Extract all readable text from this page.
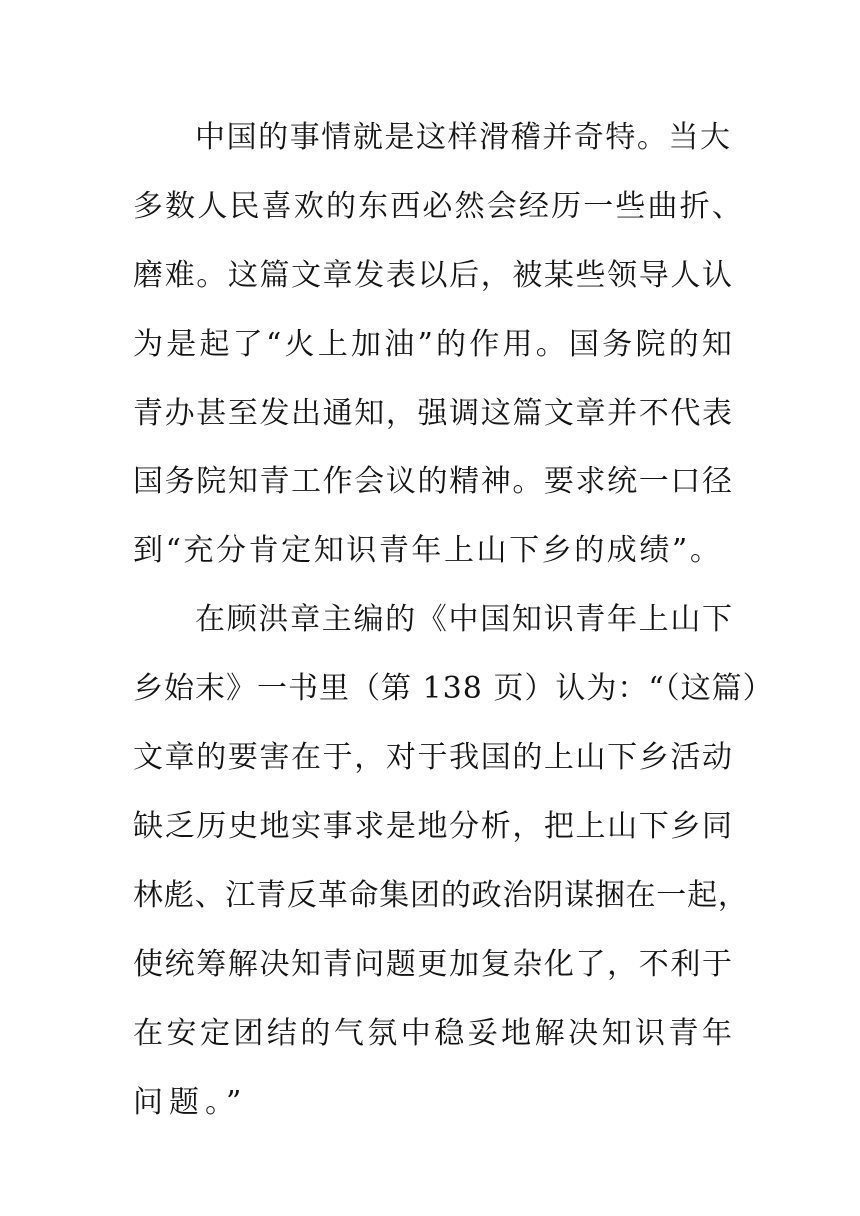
中 国 的 事 情 就 是 这 样 滑 稽 并 奇 特 。 当 大
多 数 人 民 喜 欢 的 东 西 必 然 会 经 历 一 些 曲 折 、
磨 难 。 这 篇 文 章 发 表 以 后 ， 被 某 些 领 导 人 认
为 是 起 了 “ 火 上 加 油 ” 的 作 用 。 国 务 院 的 知
青 办 甚 至 发 出 通 知 ， 强 调 这 篇 文 章 并 不 代 表
国 务 院 知 青 工 作 会 议 的 精 神 。 要 求 统 一 口 径
到 “ 充 分 肯 定 知 识 青 年 上 山 下 乡 的 成 绩 ” 。
在 顾 洪 章 主 编 的 《 中 国 知 识 青 年 上 山 下
乡始末》一书里（第 138 页）认为：“（这篇）
文 章 的 要 害 在 于 ， 对 于 我 国 的 上 山 下 乡 活 动
缺 乏 历 史 地 实 事 求 是 地 分 析 ， 把 上 山 下 乡 同
林 彪 、 江 青 反 革 命 集 团 的 政 治 阴 谋 捆 在 一 起 ，
使 统 筹 解 决 知 青 问 题 更 加 复 杂 化 了 ， 不 利 于
在 安 定 团 结 的 气 氛 中 稳 妥 地 解 决 知 识 青 年
问题。”
